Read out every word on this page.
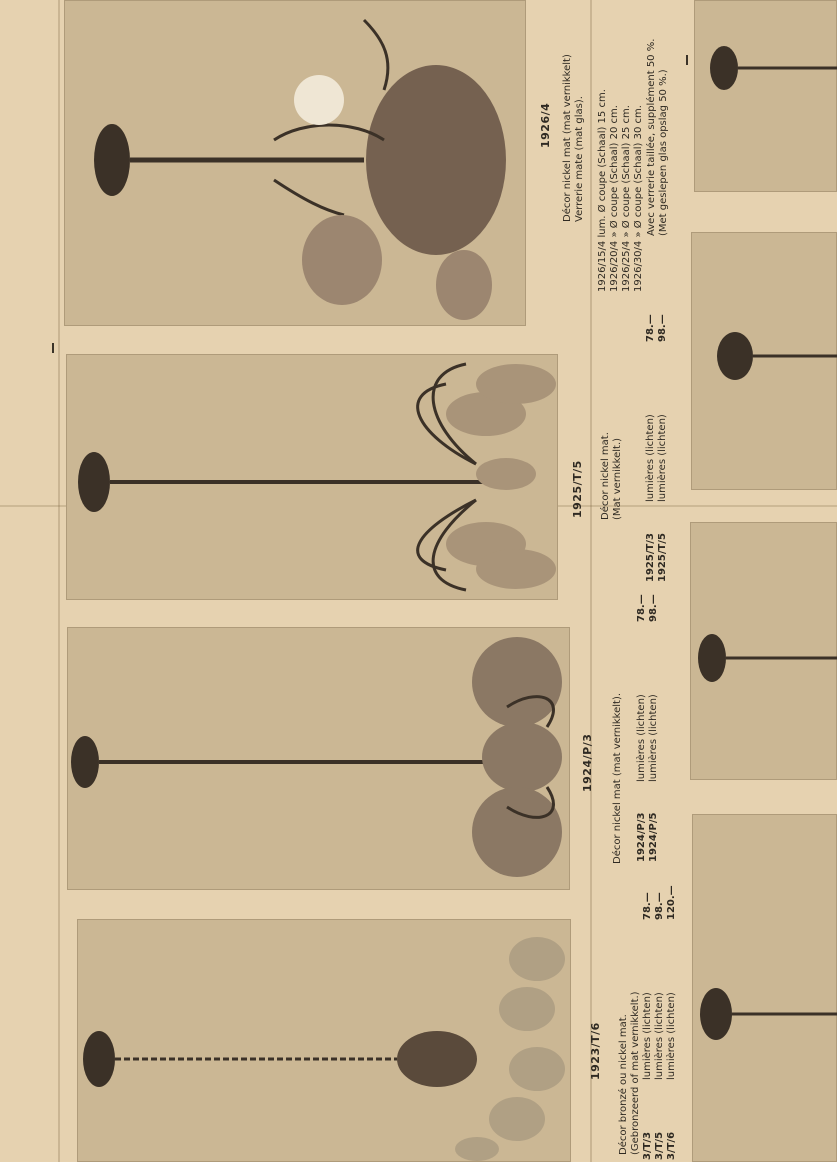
1926/4 Décor nickel mat (mat vernikkelt) Verrerie mate (mat glas). 1926/15/4 lum. Ø coupe (Schaal) 15 cm. 1926/20/4 » Ø coupe (Schaal) 20 cm. 1926/25/4 » Ø coupe (Schaal) 25 cm. 1926/30/4 » Ø coupe (Schaal) 30 cm. Avec verrerie taillée, supplément 50 %. (Met geslepen glas opslag 50 %.)
1925/T/5 Décor nickel mat. (Mat vernikkelt.)
1925/T/3
lumières (lichten)
78.—
1925/T/5
lumières (lichten)
98.—
1924/P/3 Décor nickel mat (mat vernikkelt). 1924/P/3
lumières (lichten)
78.—
1924/P/5
lumières (lichten)
98.—
1923/T/6 Décor bronzé ou nickel mat. (Gebronzeerd of mat vernikkelt.) 3/T/3
lumières (lichten)
78.—
3/T/5
lumières (lichten)
98.—
3/T/6
lumières (lichten)
120.—
